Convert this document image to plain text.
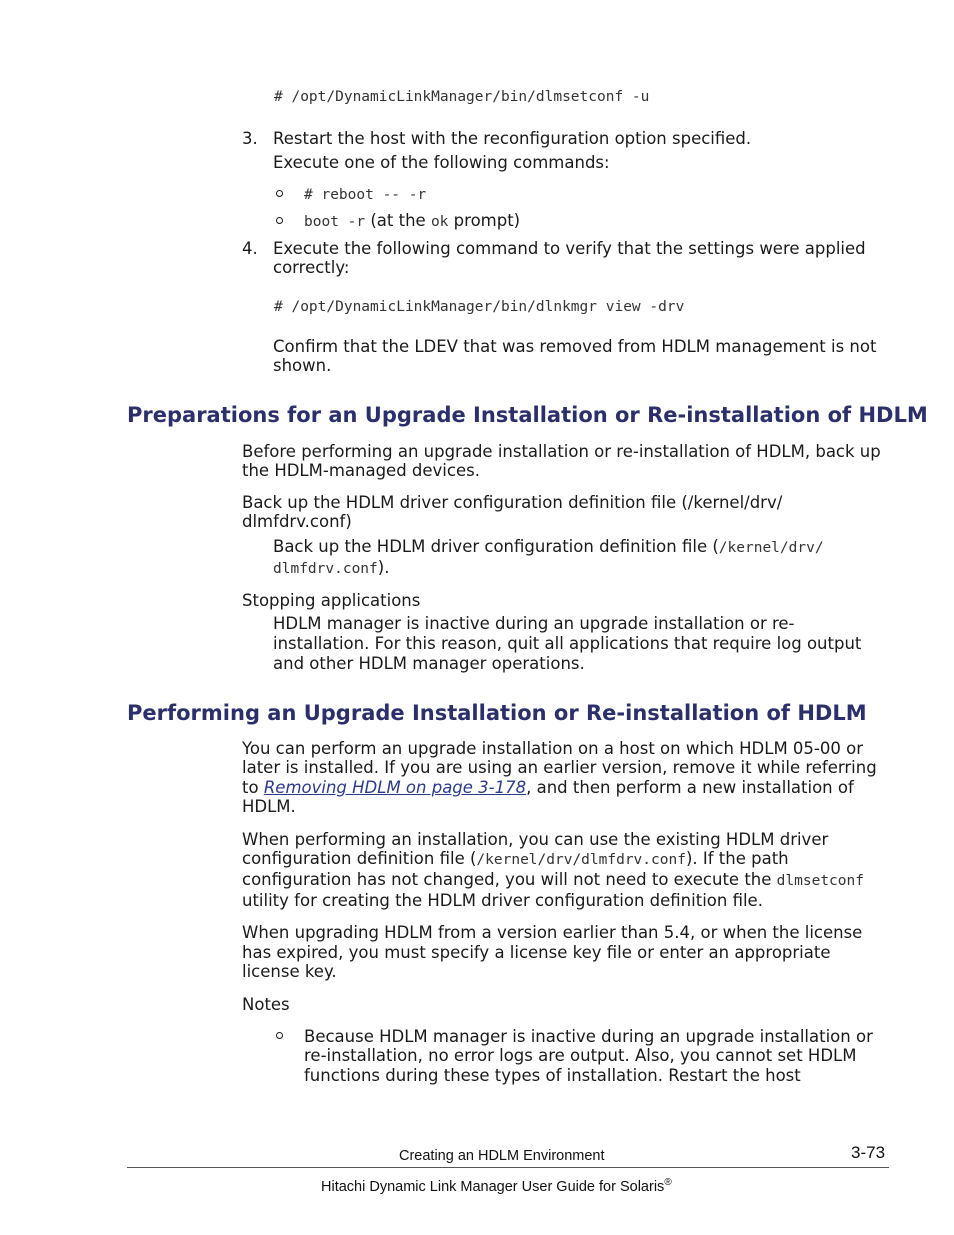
# /opt/DynamicLinkManager/bin/dlmsetconf -u
3. Restart the host with the reconfiguration option specified.
Execute one of the following commands:
# reboot -- -r
boot -r (at the ok prompt)
4. Execute the following command to verify that the settings were applied
correctly:
# /opt/DynamicLinkManager/bin/dlnkmgr view -drv
Confirm that the LDEV that was removed from HDLM management is not
shown.
Preparations for an Upgrade Installation or Re-installation of HDLM
Before performing an upgrade installation or re-installation of HDLM, back up
the HDLM-managed devices.
Back up the HDLM driver configuration definition file (/kernel/drv/
dlmfdrv.conf)
Back up the HDLM driver configuration definition file (/kernel/drv/
dlmfdrv.conf).
Stopping applications
HDLM manager is inactive during an upgrade installation or re-
installation. For this reason, quit all applications that require log output
and other HDLM manager operations.
Performing an Upgrade Installation or Re-installation of HDLM
You can perform an upgrade installation on a host on which HDLM 05-00 or
later is installed. If you are using an earlier version, remove it while referring
to Removing HDLM on page 3-178, and then perform a new installation of
HDLM.
When performing an installation, you can use the existing HDLM driver
configuration definition file (/kernel/drv/dlmfdrv.conf). If the path
configuration has not changed, you will not need to execute the dlmsetconf
utility for creating the HDLM driver configuration definition file.
When upgrading HDLM from a version earlier than 5.4, or when the license
has expired, you must specify a license key file or enter an appropriate
license key.
Notes
Because HDLM manager is inactive during an upgrade installation or
re-installation, no error logs are output. Also, you cannot set HDLM
functions during these types of installation. Restart the host
Creating an HDLM Environment	3-73
Hitachi Dynamic Link Manager User Guide for Solaris®
